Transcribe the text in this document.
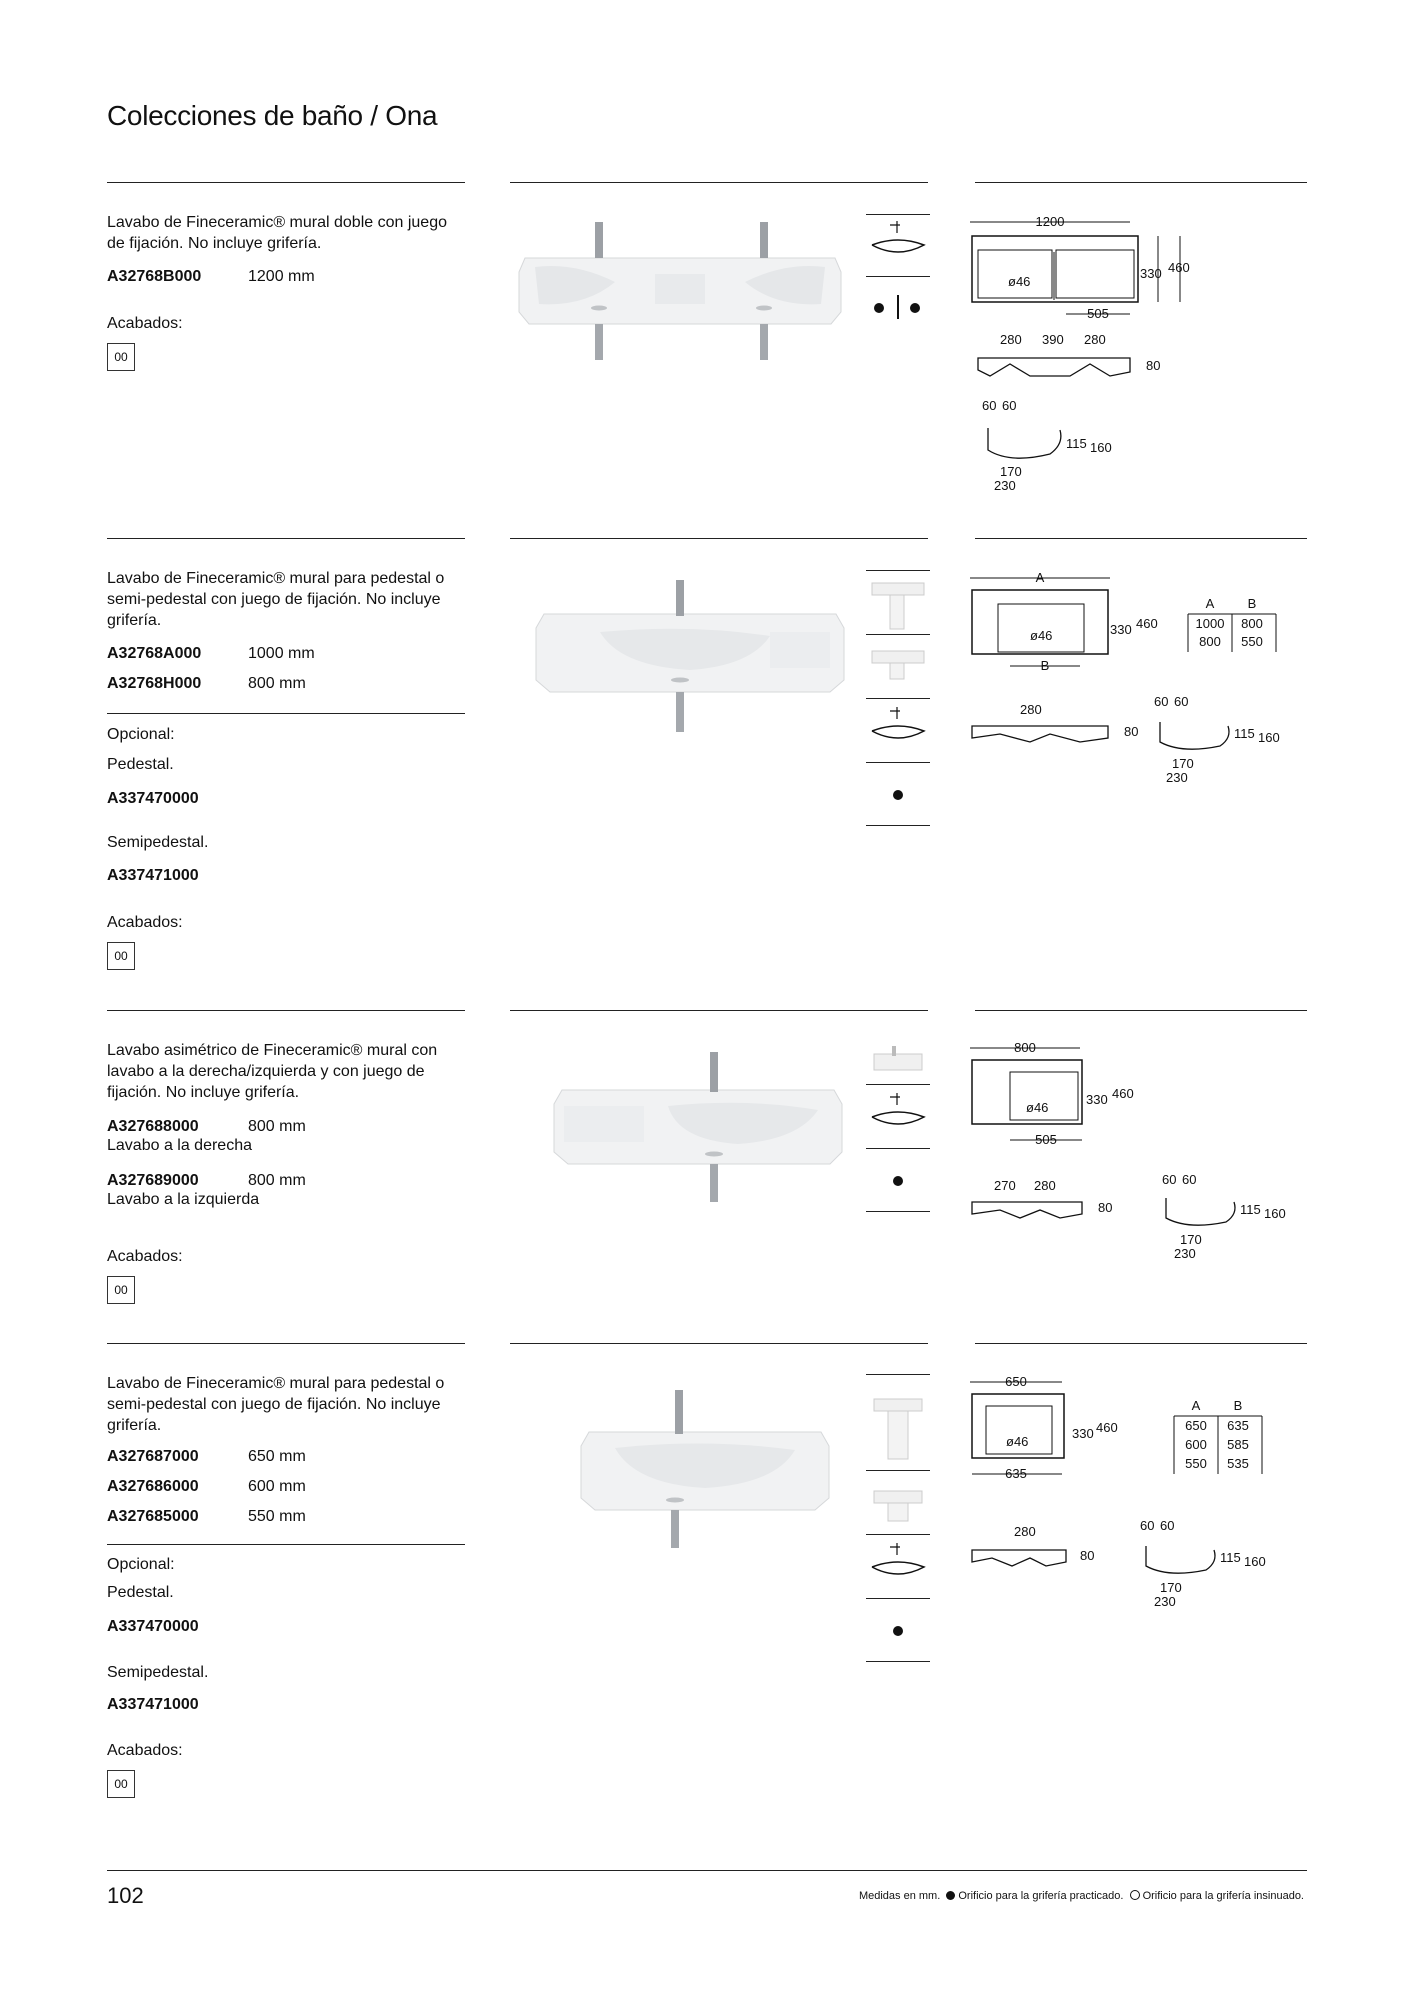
Colecciones de baño / Ona
Lavabo de Fineceramic® mural doble con juego de fijación. No incluye grifería.
A32768B000	1200 mm
Acabados:
00
1200
ø46
330 460
505
280 390 280
80
60 60
115 160
170
230
Lavabo de Fineceramic® mural para pedestal o semi-pedestal con juego de fijación. No incluye grifería.
A32768A000	1000 mm
A32768H000	800 mm
Opcional:
Pedestal.
A337470000
Semipedestal.
A337471000
Acabados:
00
A
ø46	330 460
B
A	B
1000 800
800 550
280
80
60 60
115 160
170
230
Lavabo asimétrico de Fineceramic® mural con lavabo a la derecha/izquierda y con juego de fijación. No incluye grifería.
A327688000	800 mm
Lavabo a la derecha
A327689000	800 mm
Lavabo a la izquierda
Acabados:
00
800
ø46
330 460
505
270 280
80
60 60
115 160
170
230
Lavabo de Fineceramic® mural para pedestal o semi-pedestal con juego de fijación. No incluye grifería.
A327687000	650 mm
A327686000	600 mm
A327685000	550 mm
Opcional:
Pedestal.
A337470000
Semipedestal.
A337471000
Acabados:
00
650
ø46
330 460
635
A	B
650 635
600 585
550 535
280
80
60 60
115 160
170
230
102	Medidas en mm. Orificio para la grifería practicado. Orificio para la grifería insinuado.
